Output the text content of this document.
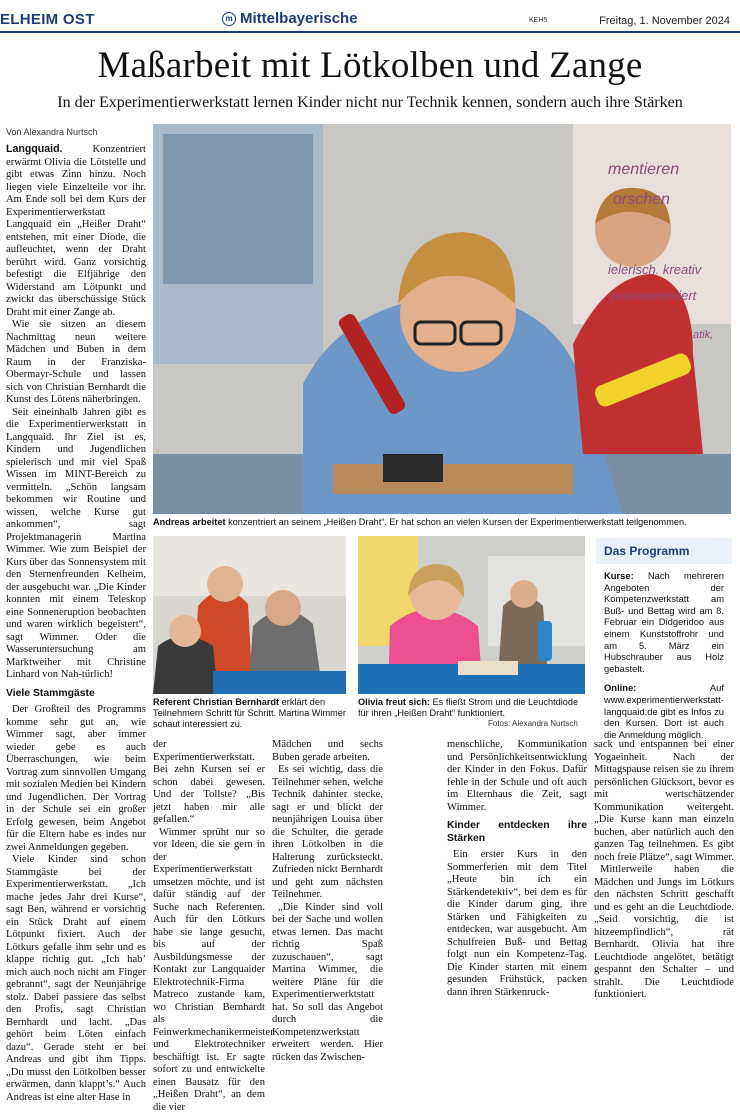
ELHEIM OST	m Mittelbayerische	KEH5	Freitag, 1. November 2024
Maßarbeit mit Lötkolben und Zange
In der Experimentierwerkstatt lernen Kinder nicht nur Technik kennen, sondern auch ihre Stärken
Von Alexandra Nurtsch

Langquaid.	Konzentriert erwärmt Olivia die Lötstelle und gibt etwas Zinn hinzu. Noch liegen viele Einzelteile vor ihr. Am Ende soll bei dem Kurs der Experimentierwerkstatt Langquaid ein „Heißer Draht“ entstehen, mit einer Diode, die aufleuchtet, wenn der Draht berührt wird. Ganz vorsichtig befestigt die Elfjährige den Widerstand am Lötpunkt und zwickt das überschüssige Stück Draht mit einer Zange ab.

Wie sie sitzen an diesem Nachmittag neun weitere Mädchen und Buben in dem Raum in der Franziska-Obermayr-Schule und lassen sich von Christian Bernhardt die Kunst des Lötens näherbringen.

Seit eineinhalb Jahren gibt es die Experimentierwerkstatt in Langquaid. Ihr Ziel ist es, Kindern und Jugendlichen spielerisch und mit viel Spaß Wissen im MINT-Bereich zu vermitteln. „Schön langsam bekommen wir Routine und wissen, welche Kurse gut ankommen“, sagt Projektmanagerin Martina Wimmer. Wie zum Beispiel der Kurs über das Sonnensystem mit den Sternenfreunden Kelheim, der ausgebucht war. „Die Kinder konnten mit einem Teleskop eine Sonneneruption beobachten und waren wirklich begeistert“, sagt Wimmer. Oder die Wasseruntersuchung am Marktweiher mit Christine Linhard von Nah-türlich!

Viele Stammgäste

Der Großteil des Programms komme sehr gut an, wie Wimmer sagt, aber immer wieder gebe es auch Überraschungen, wie beim Vortrag zum sinnvollen Umgang mit sozialen Medien bei Kindern und Jugendlichen. Der Vortrag in der Schule sei ein großer Erfolg gewesen, beim Angebot für die Eltern habe es indes nur zwei Anmeldungen gegeben.

Viele Kinder sind schon Stammgäste bei der Experimentierwerkstatt. „Ich mache jedes Jahr drei Kurse“, sagt Ben, während er vorsichtig ein Stück Draht auf einem Lötpunkt fixiert. Auch der Lötkurs gefalle ihm sehr und es klappe richtig gut. „Ich hab’ mich auch noch nicht am Finger gebrannt“, sagt der Neunjährige stolz. Dabei passiere das selbst den Profis, sagt Christian Bernhardt und lacht. „Das gehört beim Löten einfach dazu“. Gerade steht er bei Andreas und gibt ihm Tipps. „Du musst den Lötkolben besser erwärmen, dann klappt’s.“ Auch Andreas ist eine alter Hase in

mentieren
orschen
ielerisch. kreativ
praxisorientiert
atik,
Andreas arbeitet konzentriert an seinem „Heißen Draht“. Er hat schon an vielen Kursen der Experimentierwerkstatt teilgenommen.
Referent Christian Bernhardt erklärt den Teilnehmern Schritt für Schritt. Martina Wimmer schaut interessiert zu.
Olivia freut sich: Es fließt Strom und die Leuchtdiode für ihren „Heißen Draht“ funktioniert.
Fotos: Alexandra Nurtsch
Das Programm

Kurse: Nach mehreren Angeboten der Kompetenzwerkstatt am Buß- und Bettag wird am 8. Februar ein Didgeridoo aus einem Kunststoffrohr und am 5. März ein Hubschrauber aus Holz gebastelt.

Online: Auf www.experimentierwerkstatt-langquaid.de gibt es Infos zu den Kursen. Dort ist auch die Anmeldung möglich.

der Experimentierwerkstatt. Bei zehn Kursen sei er schon dabei gewesen. Und der Tollste? „Bis jetzt haben mir alle gefallen.“

Wimmer sprüht nur so vor Ideen, die sie gern in der Experimentierwerkstatt umsetzen möchte, und ist dafür ständig auf der Suche nach Referenten. Auch für den Lötkurs habe sie lange gesucht, bis auf der Ausbildungsmesse der Kontakt zur Langquaider Elektrotechnik-Firma Matreco zustande kam, wo Christian Bernhardt als Feinwerkmechanikermeister und Elektrotechniker beschäftigt ist. Er sagte sofort zu und entwickelte einen Bausatz für den „Heißen Draht“, an dem die vier

Mädchen und sechs Buben gerade arbeiten.

Es sei wichtig, dass die Teilnehmer sehen, welche Technik dahinter stecke, sagt er und blickt der neunjährigen Louisa über die Schulter, die gerade ihren Lötkolben in die Halterung zurücksteckt. Zufrieden nickt Bernhardt und geht zum nächsten Teilnehmer.

„Die Kinder sind voll bei der Sache und wollen etwas lernen. Das macht richtig Spaß zuzuschauen“, sagt Martina Wimmer, die weitere Pläne für die Experimentierwerktstatt hat. So soll das Angebot durch die Kompetenzwerkstatt erweitert werden. Hier rücken das Zwischen-

menschliche, Kommunikation und Persönlichkeitsentwicklung der Kinder in den Fokus. Dafür fehle in der Schule und oft auch im Elternhaus die Zeit, sagt Wimmer.

Kinder entdecken ihre Stärken

Ein erster Kurs in den Sommerferien mit dem Titel „Heute bin ich ein Stärkendetektiv“, bei dem es für die Kinder darum ging, ihre Stärken und Fähigkeiten zu entdecken, war ausgebucht. Am Schulfreien Buß- und Bettag folgt nun ein Kompetenz-Tag. Die Kinder starten mit einem gesunden Frühstück, packen dann ihren Stärkenruck-

sack und entspannen bei einer Yogaeinheit. Nach der Mittagspause reisen sie zu ihrem persönlichen Glücksort, bevor es mit wertschätzender Kommunikation weitergeht. „Die Kurse kann man einzeln buchen, aber natürlich auch den ganzen Tag teilnehmen. Es gibt noch freie Plätze“, sagt Wimmer.

Mittlerweile haben die Mädchen und Jungs im Lötkurs den nächsten Schritt geschafft und es geht an die Leuchtdiode. „Seid vorsichtig, die ist hitzeempfindlich“, rät Bernhardt. Olivia hat ihre Leuchtdiode angelötet, betätigt gespannt den Schalter – und strahlt. Die Leuchtdiode funktioniert.
